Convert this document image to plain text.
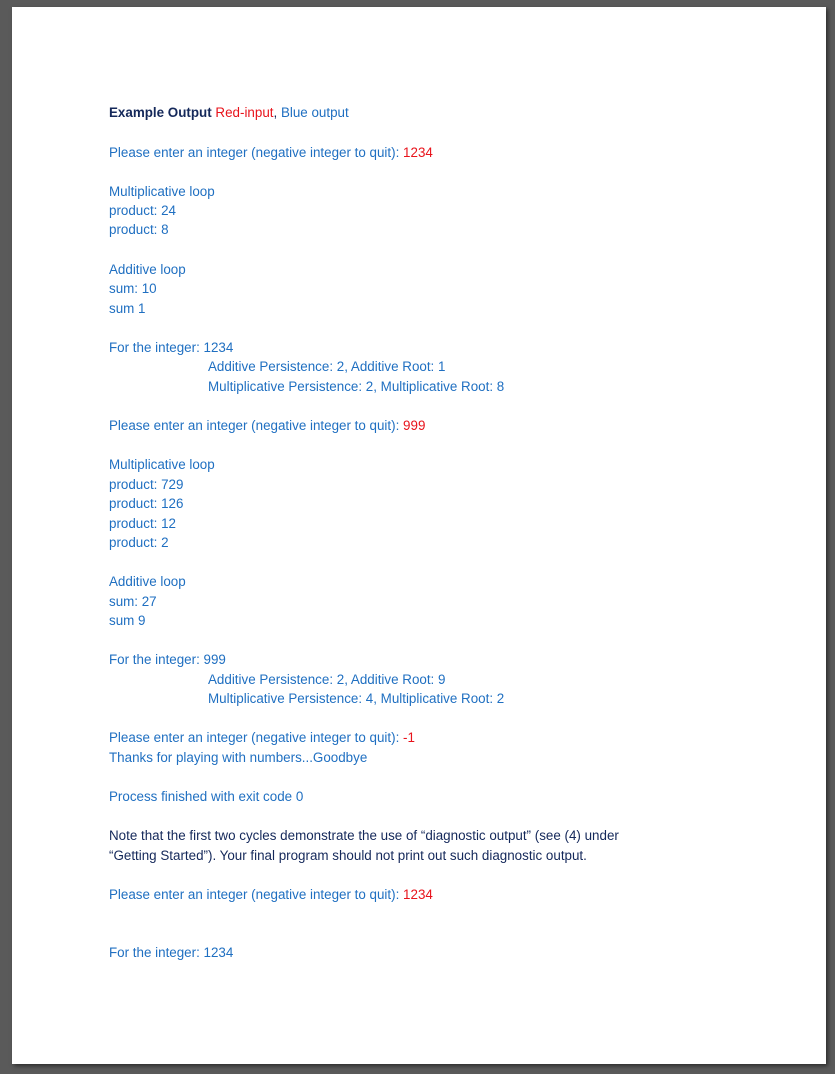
Example Output Red-input, Blue output
Please enter an integer (negative integer to quit): 1234
Multiplicative loop
product: 24
product: 8
Additive loop
sum: 10
sum 1
For the integer: 1234
Additive Persistence: 2, Additive Root: 1
Multiplicative Persistence: 2, Multiplicative Root: 8
Please enter an integer (negative integer to quit): 999
Multiplicative loop
product: 729
product: 126
product: 12
product: 2
Additive loop
sum: 27
sum 9
For the integer: 999
Additive Persistence: 2, Additive Root: 9
Multiplicative Persistence: 4, Multiplicative Root: 2
Please enter an integer (negative integer to quit): -1
Thanks for playing with numbers...Goodbye
Process finished with exit code 0
Note that the first two cycles demonstrate the use of “diagnostic output” (see (4) under
“Getting Started”). Your final program should not print out such diagnostic output.
Please enter an integer (negative integer to quit): 1234
For the integer: 1234
